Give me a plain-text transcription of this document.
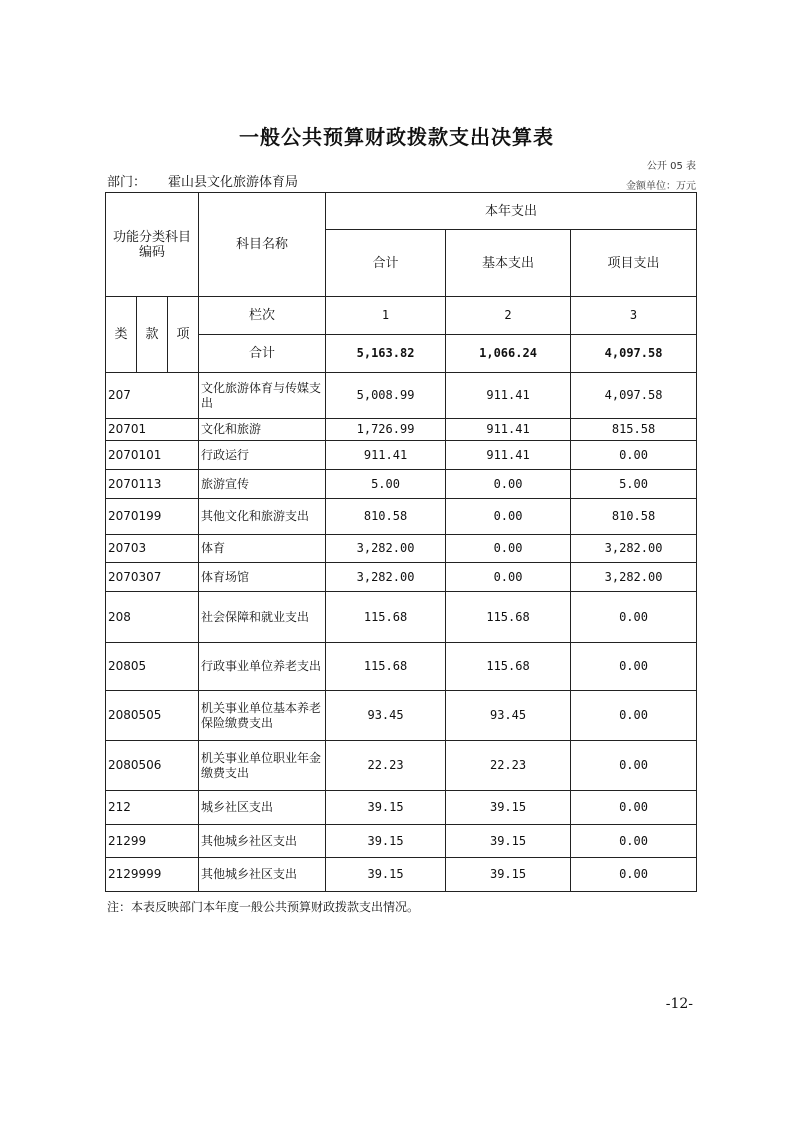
一般公共预算财政拨款支出决算表
公开 05 表
部门： 霍山县文化旅游体育局	金额单位：万元
功能分类科目编码			科目名称	本年支出		
				合计	基本支出	项目支出
类	款	项	栏次	1	2	3
			合计	5,163.82	1,066.24	4,097.58
207			文化旅游体育与传媒支出	5,008.99	911.41	4,097.58
20701			文化和旅游	1,726.99	911.41	815.58
2070101			行政运行	911.41	911.41	0.00
2070113			旅游宣传	5.00	0.00	5.00
2070199			其他文化和旅游支出	810.58	0.00	810.58
20703			体育	3,282.00	0.00	3,282.00
2070307			体育场馆	3,282.00	0.00	3,282.00
208			社会保障和就业支出	115.68	115.68	0.00
20805			行政事业单位养老支出	115.68	115.68	0.00
2080505			机关事业单位基本养老保险缴费支出	93.45	93.45	0.00
2080506			机关事业单位职业年金缴费支出	22.23	22.23	0.00
212			城乡社区支出	39.15	39.15	0.00
21299			其他城乡社区支出	39.15	39.15	0.00
2129999			其他城乡社区支出	39.15	39.15	0.00
注：本表反映部门本年度一般公共预算财政拨款支出情况。
-12-
